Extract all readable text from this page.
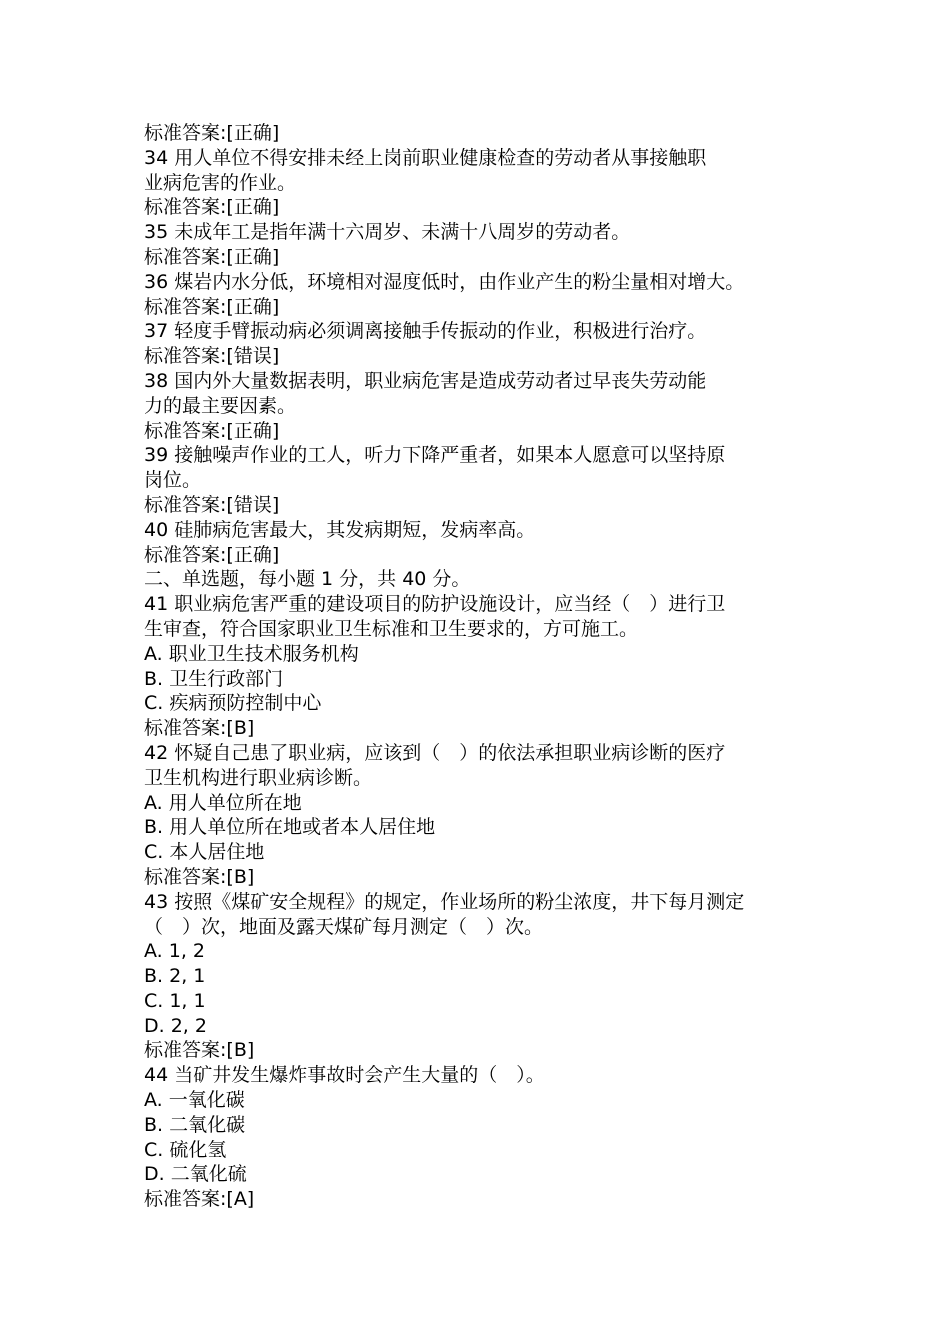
标准答案:[正确]
34 用人单位不得安排未经上岗前职业健康检查的劳动者从事接触职
业病危害的作业。
标准答案:[正确]
35 未成年工是指年满十六周岁、未满十八周岁的劳动者。
标准答案:[正确]
36 煤岩内水分低，环境相对湿度低时，由作业产生的粉尘量相对增大。
标准答案:[正确]
37 轻度手臂振动病必须调离接触手传振动的作业，积极进行治疗。
标准答案:[错误]
38 国内外大量数据表明，职业病危害是造成劳动者过早丧失劳动能
力的最主要因素。
标准答案:[正确]
39 接触噪声作业的工人，听力下降严重者，如果本人愿意可以坚持原
岗位。
标准答案:[错误]
40 硅肺病危害最大，其发病期短，发病率高。
标准答案:[正确]
二、单选题，每小题 1 分，共 40 分。
41 职业病危害严重的建设项目的防护设施设计，应当经（　）进行卫
生审查，符合国家职业卫生标准和卫生要求的，方可施工。
A. 职业卫生技术服务机构
B. 卫生行政部门
C. 疾病预防控制中心
标准答案:[B]
42 怀疑自己患了职业病，应该到（　）的依法承担职业病诊断的医疗
卫生机构进行职业病诊断。
A. 用人单位所在地
B. 用人单位所在地或者本人居住地
C. 本人居住地
标准答案:[B]
43 按照《煤矿安全规程》的规定，作业场所的粉尘浓度，井下每月测定
（　）次，地面及露天煤矿每月测定（　）次。
A. 1, 2
B. 2, 1
C. 1, 1
D. 2, 2
标准答案:[B]
44 当矿井发生爆炸事故时会产生大量的（　）。
A. 一氧化碳
B. 二氧化碳
C. 硫化氢
D. 二氧化硫
标准答案:[A]
